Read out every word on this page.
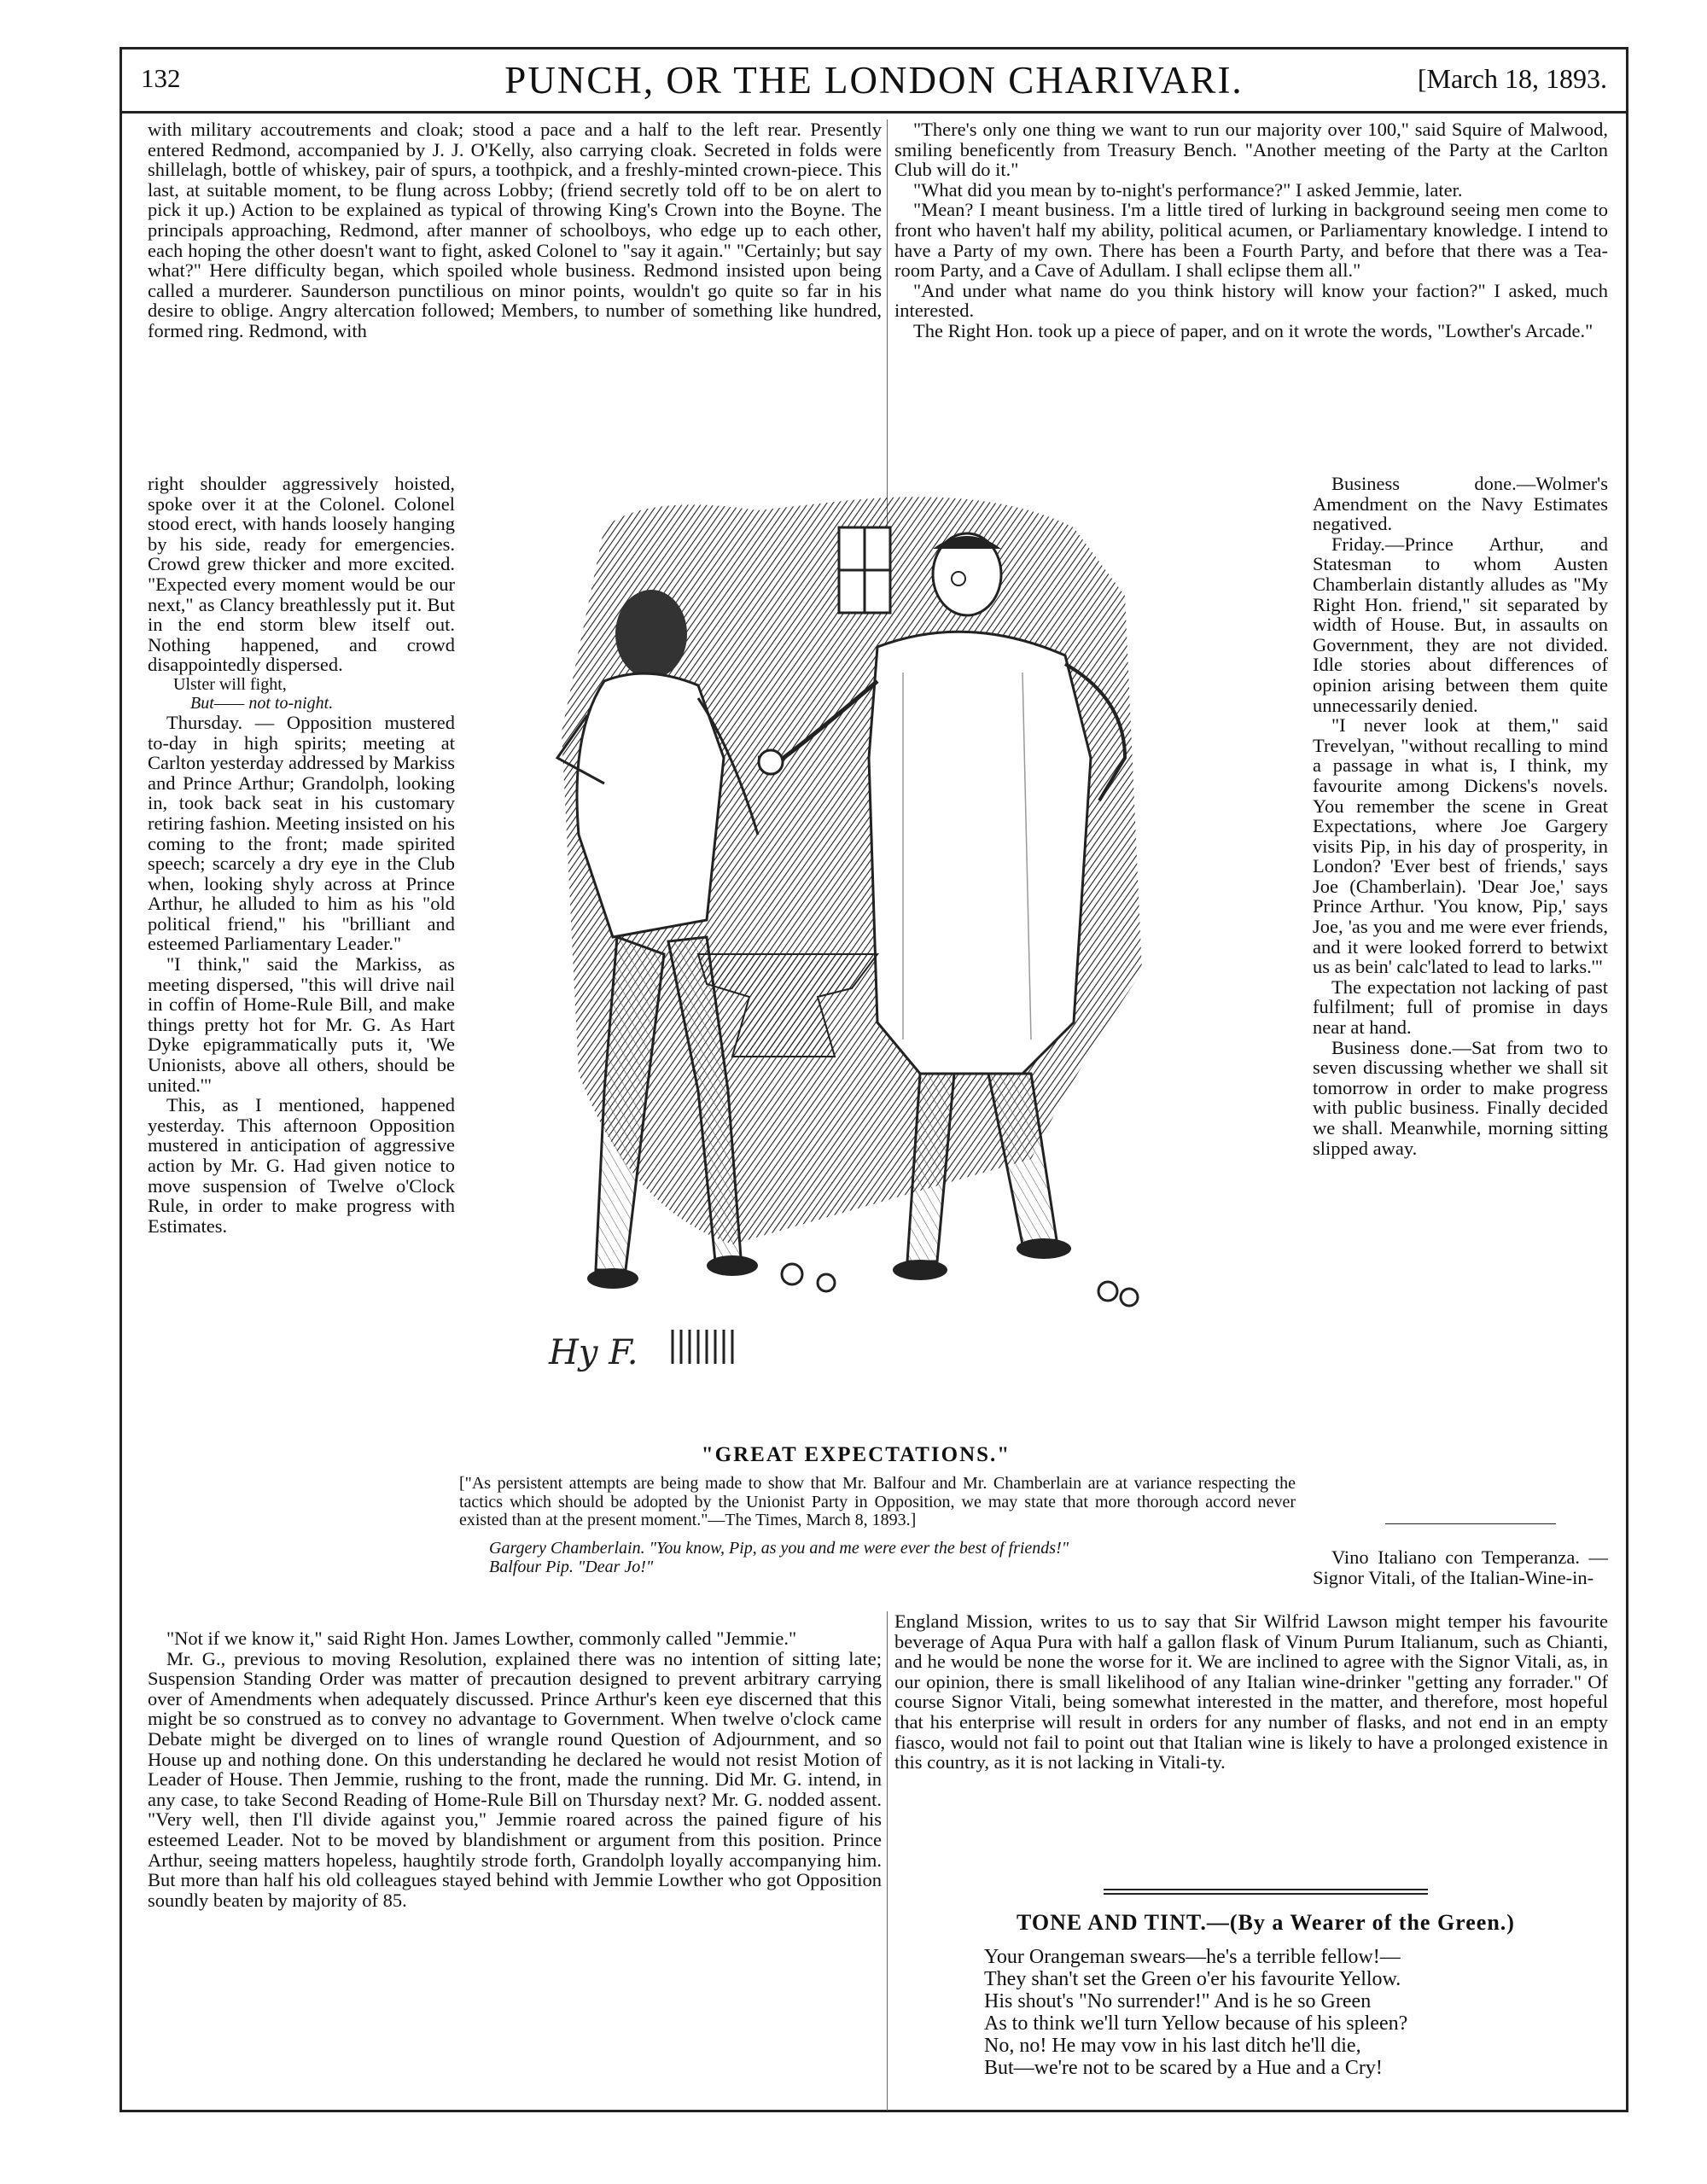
132	PUNCH, OR THE LONDON CHARIVARI.	[March 18, 1893.

with military accoutrements and cloak; stood a pace and a half to the left rear. Presently entered Redmond, accompanied by J. J. O'Kelly, also carrying cloak. Secreted in folds were shillelagh, bottle of whiskey, pair of spurs, a toothpick, and a freshly-minted crown-piece. This last, at suitable moment, to be flung across Lobby; (friend secretly told off to be on alert to pick it up.) Action to be explained as typical of throwing King's Crown into the Boyne. The principals approaching, Redmond, after manner of schoolboys, who edge up to each other, each hoping the other doesn't want to fight, asked Colonel to "say it again." "Certainly; but say what?" Here difficulty began, which spoiled whole business. Redmond insisted upon being called a murderer. Saunderson punctilious on minor points, wouldn't go quite so far in his desire to oblige. Angry altercation followed; Members, to number of something like hundred, formed ring. Redmond, with

"There's only one thing we want to run our majority over 100," said Squire of Malwood, smiling beneficently from Treasury Bench. "Another meeting of the Party at the Carlton Club will do it."

"What did you mean by to-night's performance?" I asked Jemmie, later.

"Mean? I meant business. I'm a little tired of lurking in background seeing men come to front who haven't half my ability, political acumen, or Parliamentary knowledge. I intend to have a Party of my own. There has been a Fourth Party, and before that there was a Tea-room Party, and a Cave of Adullam. I shall eclipse them all."

"And under what name do you think history will know your faction?" I asked, much interested.

The Right Hon. took up a piece of paper, and on it wrote the words, "Lowther's Arcade."

right shoulder aggressively hoisted, spoke over it at the Colonel. Colonel stood erect, with hands loosely hanging by his side, ready for emergencies. Crowd grew thicker and more excited. "Expected every moment would be our next," as Clancy breathlessly put it. But in the end storm blew itself out. Nothing happened, and crowd disappointedly dispersed.

Ulster will fight,
But—— not to-night.

Thursday. — Opposition mustered to-day in high spirits; meeting at Carlton yesterday addressed by Markiss and Prince Arthur; Grandolph, looking in, took back seat in his customary retiring fashion. Meeting insisted on his coming to the front; made spirited speech; scarcely a dry eye in the Club when, looking shyly across at Prince Arthur, he alluded to him as his "old political friend," his "brilliant and esteemed Parliamentary Leader."

"I think," said the Markiss, as meeting dispersed, "this will drive nail in coffin of Home-Rule Bill, and make things pretty hot for Mr. G. As Hart Dyke epigrammatically puts it, 'We Unionists, above all others, should be united.'"

This, as I mentioned, happened yesterday. This afternoon Opposition mustered in anticipation of aggressive action by Mr. G. Had given notice to move suspension of Twelve o'Clock Rule, in order to make progress with Estimates.

Business done.—Wolmer's Amendment on the Navy Estimates negatived.

Friday.—Prince Arthur, and Statesman to whom Austen Chamberlain distantly alludes as "My Right Hon. friend," sit separated by width of House. But, in assaults on Government, they are not divided. Idle stories about differences of opinion arising between them quite unnecessarily denied.

"I never look at them," said Trevelyan, "without recalling to mind a passage in what is, I think, my favourite among Dickens's novels. You remember the scene in Great Expectations, where Joe Gargery visits Pip, in his day of prosperity, in London? 'Ever best of friends,' says Joe (Chamberlain). 'Dear Joe,' says Prince Arthur. 'You know, Pip,' says Joe, 'as you and me were ever friends, and it were looked forrerd to betwixt us as bein' calc'lated to lead to larks.'"

The expectation not lacking of past fulfilment; full of promise in days near at hand.

Business done.—Sat from two to seven discussing whether we shall sit tomorrow in order to make progress with public business. Finally decided we shall. Meanwhile, morning sitting slipped away.

Hy F.
"GREAT EXPECTATIONS."
["As persistent attempts are being made to show that Mr. Balfour and Mr. Chamberlain are at variance respecting the tactics which should be adopted by the Unionist Party in Opposition, we may state that more thorough accord never existed than at the present moment."—The Times, March 8, 1893.]
Gargery Chamberlain. "You know, Pip, as you and me were ever the best of friends!"
Balfour Pip. "Dear Jo!"	Vino Italiano con Temperanza. — Signor Vitali, of the Italian-Wine-in-

"Not if we know it," said Right Hon. James Lowther, commonly called "Jemmie."

Mr. G., previous to moving Resolution, explained there was no intention of sitting late; Suspension Standing Order was matter of precaution designed to prevent arbitrary carrying over of Amendments when adequately discussed. Prince Arthur's keen eye discerned that this might be so construed as to convey no advantage to Government. When twelve o'clock came Debate might be diverged on to lines of wrangle round Question of Adjournment, and so House up and nothing done. On this understanding he declared he would not resist Motion of Leader of House. Then Jemmie, rushing to the front, made the running. Did Mr. G. intend, in any case, to take Second Reading of Home-Rule Bill on Thursday next? Mr. G. nodded assent. "Very well, then I'll divide against you," Jemmie roared across the pained figure of his esteemed Leader. Not to be moved by blandishment or argument from this position. Prince Arthur, seeing matters hopeless, haughtily strode forth, Grandolph loyally accompanying him. But more than half his old colleagues stayed behind with Jemmie Lowther who got Opposition soundly beaten by majority of 85.

England Mission, writes to us to say that Sir Wilfrid Lawson might temper his favourite beverage of Aqua Pura with half a gallon flask of Vinum Purum Italianum, such as Chianti, and he would be none the worse for it. We are inclined to agree with the Signor Vitali, as, in our opinion, there is small likelihood of any Italian wine-drinker "getting any forrader." Of course Signor Vitali, being somewhat interested in the matter, and therefore, most hopeful that his enterprise will result in orders for any number of flasks, and not end in an empty fiasco, would not fail to point out that Italian wine is likely to have a prolonged existence in this country, as it is not lacking in Vitali-ty.

TONE AND TINT.—(By a Wearer of the Green.)
Your Orangeman swears—he's a terrible fellow!—
They shan't set the Green o'er his favourite Yellow.
His shout's "No surrender!" And is he so Green
As to think we'll turn Yellow because of his spleen?
No, no! He may vow in his last ditch he'll die,
But—we're not to be scared by a Hue and a Cry!
